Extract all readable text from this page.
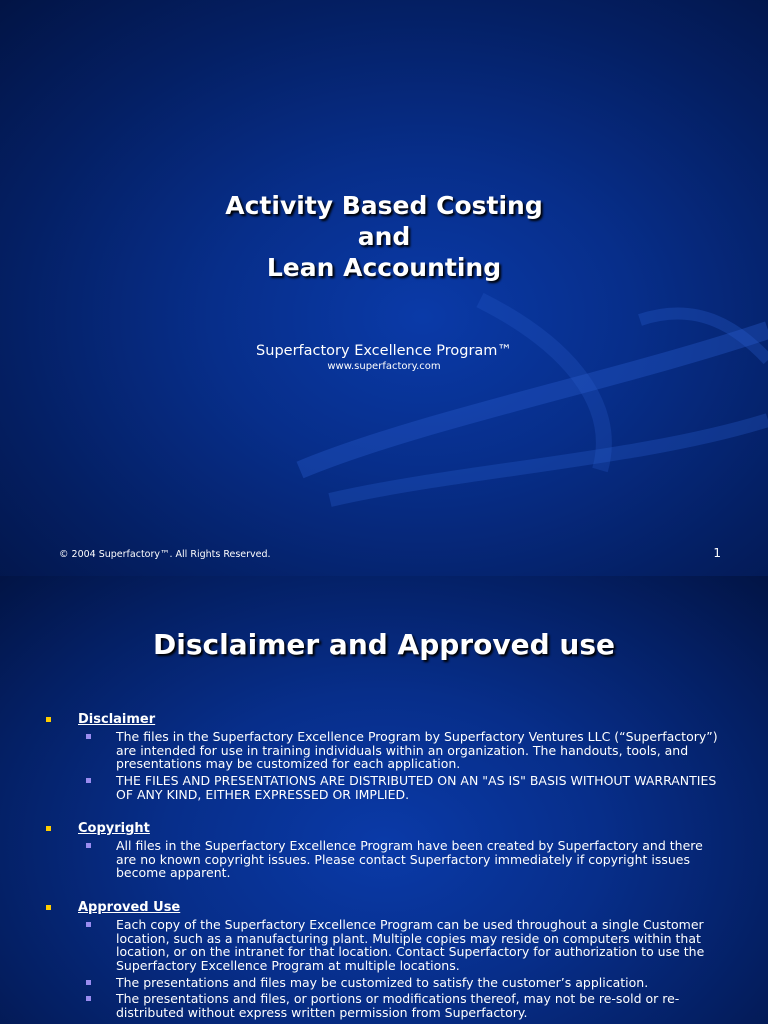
Activity Based Costing
and
Lean Accounting
Superfactory Excellence Program™
www.superfactory.com
© 2004 Superfactory™. All Rights Reserved.	1
Disclaimer and Approved use
Disclaimer
The files in the Superfactory Excellence Program by Superfactory Ventures LLC (“Superfactory”) are intended for use in training individuals within an organization. The handouts, tools, and presentations may be customized for each application.
THE FILES AND PRESENTATIONS ARE DISTRIBUTED ON AN "AS IS" BASIS WITHOUT WARRANTIES OF ANY KIND, EITHER EXPRESSED OR IMPLIED.
Copyright
All files in the Superfactory Excellence Program have been created by Superfactory and there are no known copyright issues. Please contact Superfactory immediately if copyright issues become apparent.
Approved Use
Each copy of the Superfactory Excellence Program can be used throughout a single Customer location, such as a manufacturing plant. Multiple copies may reside on computers within that location, or on the intranet for that location. Contact Superfactory for authorization to use the Superfactory Excellence Program at multiple locations.
The presentations and files may be customized to satisfy the customer’s application.
The presentations and files, or portions or modifications thereof, may not be re-sold or re-distributed without express written permission from Superfactory.
